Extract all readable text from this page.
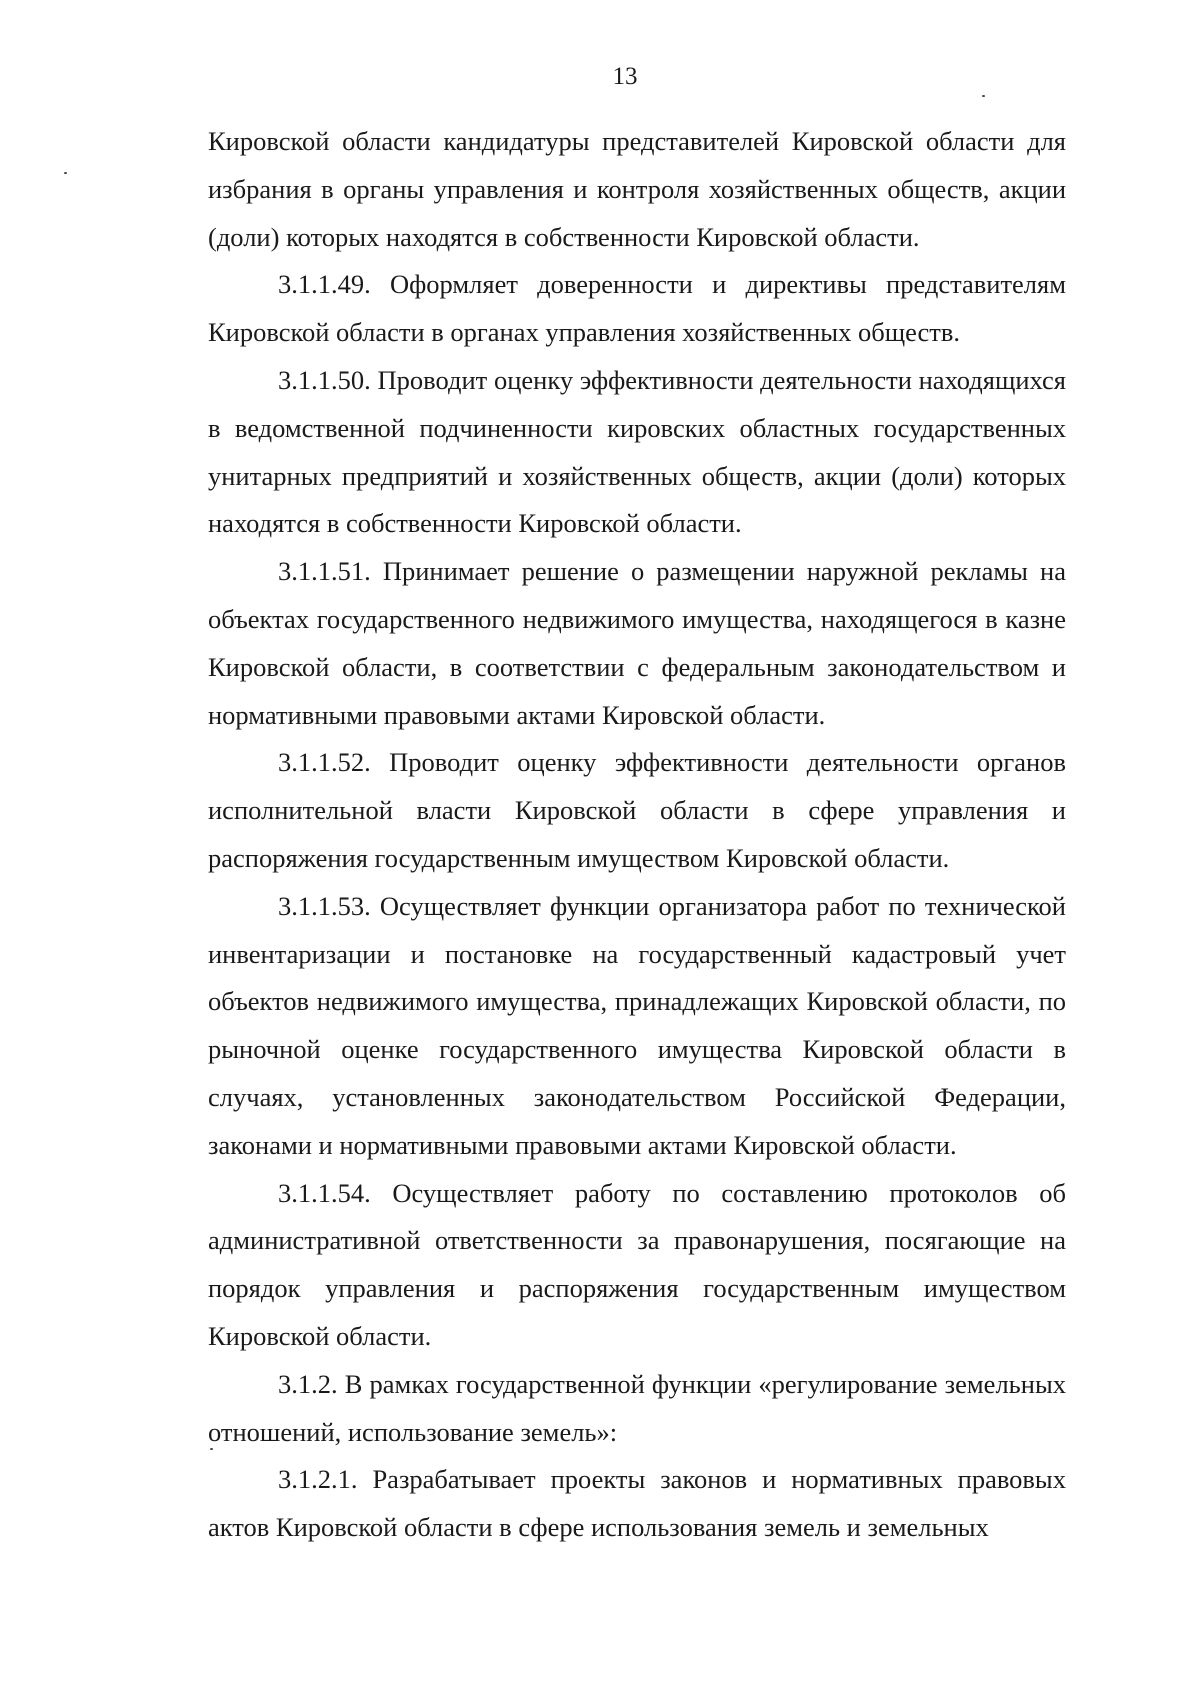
13

Кировской области кандидатуры представителей Кировской области для избрания в органы управления и контроля хозяйственных обществ, акции (доли) которых находятся в собственности Кировской области.

3.1.1.49. Оформляет доверенности и директивы представителям Кировской области в органах управления хозяйственных обществ.

3.1.1.50. Проводит оценку эффективности деятельности находящихся в ведомственной подчиненности кировских областных государственных унитарных предприятий и хозяйственных обществ, акции (доли) которых находятся в собственности Кировской области.

3.1.1.51. Принимает решение о размещении наружной рекламы на объектах государственного недвижимого имущества, находящегося в казне Кировской области, в соответствии с федеральным законодательством и нормативными правовыми актами Кировской области.

3.1.1.52. Проводит оценку эффективности деятельности органов исполнительной власти Кировской области в сфере управления и распоряжения государственным имуществом Кировской области.

3.1.1.53. Осуществляет функции организатора работ по технической инвентаризации и постановке на государственный кадастровый учет объектов недвижимого имущества, принадлежащих Кировской области, по рыночной оценке государственного имущества Кировской области в случаях, установленных законодательством Российской Федерации, законами и нормативными правовыми актами Кировской области.

3.1.1.54. Осуществляет работу по составлению протоколов об административной ответственности за правонарушения, посягающие на порядок управления и распоряжения государственным имуществом Кировской области.

3.1.2. В рамках государственной функции «регулирование земельных отношений, использование земель»:

3.1.2.1. Разрабатывает проекты законов и нормативных правовых актов Кировской области в сфере использования земель и земельных
